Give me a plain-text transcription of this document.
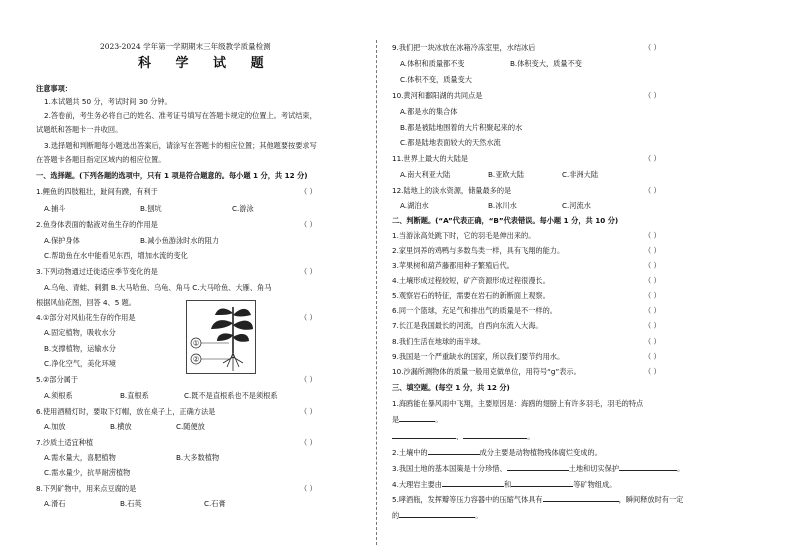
2023-2024 学年第一学期期末三年级教学质量检测
科 学 试 题
注意事项：
1.本试题共 50 分，考试时间 30 分钟。
2.答卷前，考生务必将自己的姓名、准考证号填写在答题卡规定的位置上。考试结束，
试题纸和答题卡一并收回。
3.选择题和判断题每小题选出答案后，请涂写在答题卡的相应位置；其他题要按要求写
在答题卡各题目指定区域内的相应位置。
一、选择题。(下列各题的选项中，只有 1 项是符合题意的。每小题 1 分，共 12 分)
1.鲤鱼的四肢粗壮，趾间有蹼，有利于	（ ）
A.捕斗	B.刨坑	C.游泳
2.鱼身体表面的黏液对鱼生存的作用是	（ ）
A.保护身体	B.减小鱼游泳时水的阻力
C.帮助鱼在水中能看见东西，增加水流的变化
3.下列动物通过迁徙适应季节变化的是	（ ）
A.乌龟、青蛙、刺猬 B.大马哈鱼、乌龟、角马 C.大马哈鱼、大雁、角马
根据风仙花图，回答 4、5 题。
4.①部分对风仙花生存的作用是	（ ）
A.固定植物，吸收水分
B.支撑植物，运输水分
C.净化空气，美化环境
①
②
5.②部分属于	（ ）
A.须根系	B.直根系	C.既不是直根系也不是须根系
6.使用酒精灯时，要取下灯帽，放在桌子上，正确方法是	（ ）
A.加放	B.横放	C.随便放
7.沙质土适宜种植	（ ）
A.需水量大，喜肥植物	B.大多数植物
C.需水量少，抗旱耐涝植物
8.下列矿物中，用来点豆腐的是	（ ）
A.滑石	B.石英	C.石膏
9.我们把一块冰放在冰箱冷冻室里，水结冰后	（ ）
A.体积和质量都不变	B.体积变大，质量不变
C.体积不变，质量变大
10.黄河和鄱阳湖的共同点是	（ ）
A.都是水的集合体
B.都是被陆地围着的大片积聚起来的水
C.都是陆地表面较大的天然水流
11.世界上最大的大陆是	（ ）
A.南大利亚大陆	B.亚欧大陆	C.非洲大陆
12.陆地上的淡水资源，储量最多的是	（ ）
A.湖泊水	B.冰川水	C.河流水
二、判断题。(“A”代表正确，“B”代表错误。每小题 1 分，共 10 分)
1.当游泳高处跳下时，它的羽毛是伸出来的。	（ ）
2.家里饲养的鸡鸭与多数鸟类一样，具有飞翔的能力。	（ ）
3.苹果树和葫芦藤都用种子繁殖后代。	（ ）
4.土壤形成过程较短，矿产资源形成过程很漫长。	（ ）
5.观察岩石的特征，需要在岩石的新断面上观察。	（ ）
6.同一个篮球，充足气和排出气的质量是不一样的。	（ ）
7.长江是我国最长的河流，自西向东流入大海。	（ ）
8.我们生活在地球的南半球。	（ ）
9.我国是一个严重缺水的国家，所以我们要节约用水。	（ ）
10.沙漏所测物体的质量一般用克做单位，用符号“g”表示。	（ ）
三、填空题。(每空 1 分，共 12 分)
1.海鸥能在暴风雨中飞翔，主要原因是：海鸥的翅膀上有许多羽毛，羽毛的特点
是	。
、	。
2.土壤中的	成分主要是动物植物残体腐烂变成的。
3.我国土地的基本国策是十分珍惜、	土地和切实保护	。
4.大理岩主要由	和	等矿物组成。
5.哮酒瓶，发挥瓣等压力容器中的压缩气体具有	，瞬间释放时有一定
的	。
